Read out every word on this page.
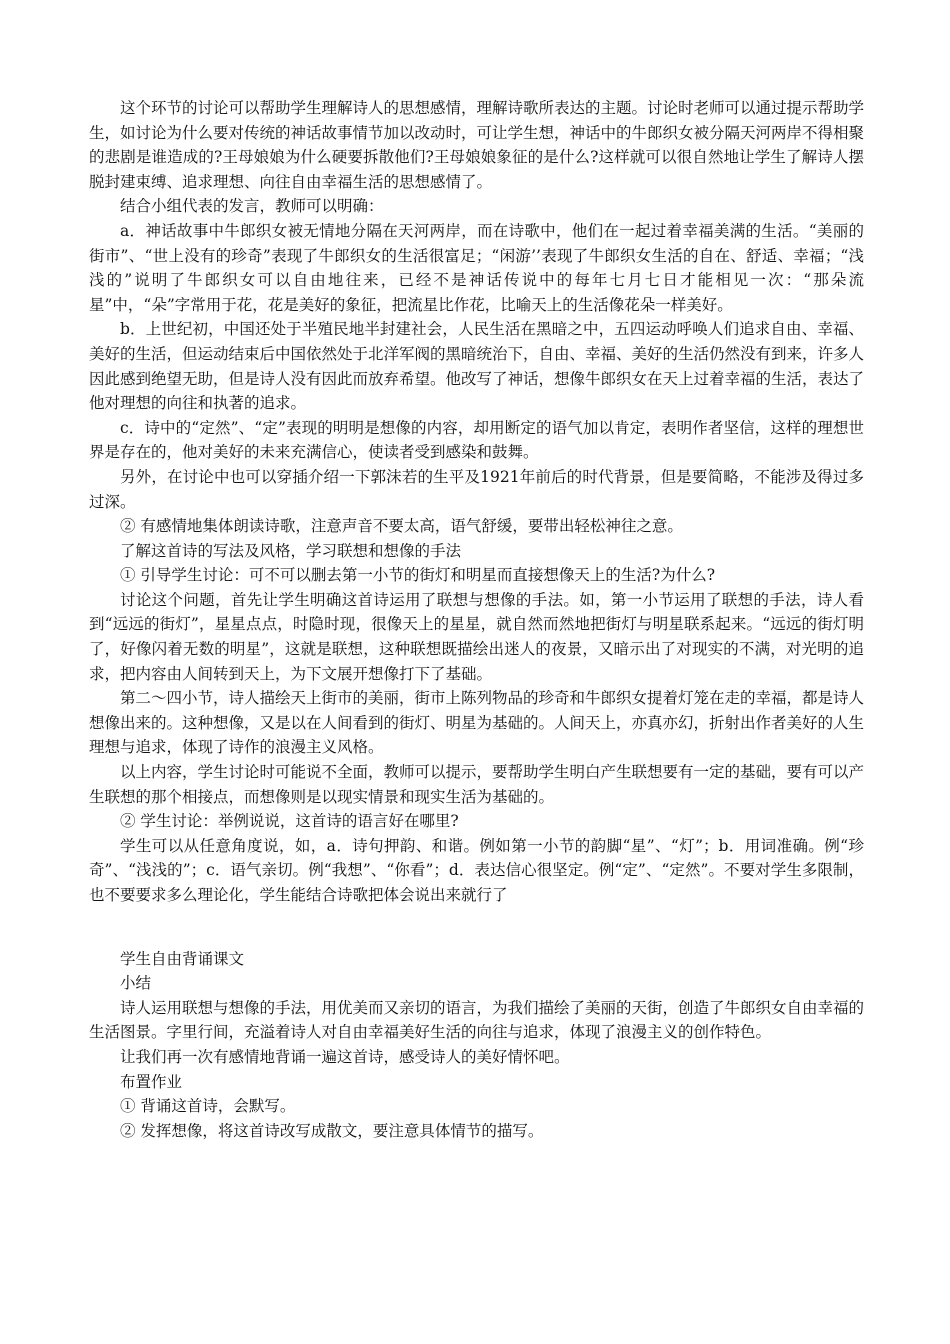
这个环节的讨论可以帮助学生理解诗人的思想感情，理解诗歌所表达的主题。讨论时老师可以通过提示帮助学生，如讨论为什么要对传统的神话故事情节加以改动时，可让学生想，神话中的牛郎织女被分隔天河两岸不得相聚的悲剧是谁造成的?王母娘娘为什么硬要拆散他们?王母娘娘象征的是什么?这样就可以很自然地让学生了解诗人摆脱封建束缚、追求理想、向往自由幸福生活的思想感情了。

结合小组代表的发言，教师可以明确：

a．神话故事中牛郎织女被无情地分隔在天河两岸，而在诗歌中，他们在一起过着幸福美满的生活。“美丽的街市”、“世上没有的珍奇”表现了牛郎织女的生活很富足；“闲游’’表现了牛郎织女生活的自在、舒适、幸福；“浅浅的”说明了牛郎织女可以自由地往来，已经不是神话传说中的每年七月七日才能相见一次：“那朵流星”中，“朵”字常用于花，花是美好的象征，把流星比作花，比喻天上的生活像花朵一样美好。

b．上世纪初，中国还处于半殖民地半封建社会，人民生活在黑暗之中，五四运动呼唤人们追求自由、幸福、美好的生活，但运动结束后中国依然处于北洋军阀的黑暗统治下，自由、幸福、美好的生活仍然没有到来，许多人因此感到绝望无助，但是诗人没有因此而放弃希望。他改写了神话，想像牛郎织女在天上过着幸福的生活，表达了他对理想的向往和执著的追求。

c．诗中的“定然”、“定”表现的明明是想像的内容，却用断定的语气加以肯定，表明作者坚信，这样的理想世界是存在的，他对美好的未来充满信心，使读者受到感染和鼓舞。

另外，在讨论中也可以穿插介绍一下郭沫若的生平及1921年前后的时代背景，但是要简略，不能涉及得过多过深。

② 有感情地集体朗读诗歌，注意声音不要太高，语气舒缓，要带出轻松神往之意。

了解这首诗的写法及风格，学习联想和想像的手法

① 引导学生讨论：可不可以删去第一小节的街灯和明星而直接想像天上的生活?为什么?

讨论这个问题，首先让学生明确这首诗运用了联想与想像的手法。如，第一小节运用了联想的手法，诗人看到“远远的街灯”，星星点点，时隐时现，很像天上的星星，就自然而然地把街灯与明星联系起来。“远远的街灯明了，好像闪着无数的明星”，这就是联想，这种联想既描绘出迷人的夜景，又暗示出了对现实的不满，对光明的追求，把内容由人间转到天上，为下文展开想像打下了基础。

第二～四小节，诗人描绘天上街市的美丽，街市上陈列物品的珍奇和牛郎织女提着灯笼在走的幸福，都是诗人想像出来的。这种想像，又是以在人间看到的街灯、明星为基础的。人间天上，亦真亦幻，折射出作者美好的人生理想与追求，体现了诗作的浪漫主义风格。

以上内容，学生讨论时可能说不全面，教师可以提示，要帮助学生明白产生联想要有一定的基础，要有可以产生联想的那个相接点，而想像则是以现实情景和现实生活为基础的。

② 学生讨论：举例说说，这首诗的语言好在哪里?

学生可以从任意角度说，如，a．诗句押韵、和谐。例如第一小节的韵脚“星”、“灯”；b．用词准确。例“珍奇”、“浅浅的”；c．语气亲切。例“我想”、“你看”；d．表达信心很坚定。例“定”、“定然”。不要对学生多限制，也不要要求多么理论化，学生能结合诗歌把体会说出来就行了

学生自由背诵课文

小结

诗人运用联想与想像的手法，用优美而又亲切的语言，为我们描绘了美丽的天街，创造了牛郎织女自由幸福的生活图景。字里行间，充溢着诗人对自由幸福美好生活的向往与追求，体现了浪漫主义的创作特色。

让我们再一次有感情地背诵一遍这首诗，感受诗人的美好情怀吧。

布置作业

① 背诵这首诗，会默写。

② 发挥想像，将这首诗改写成散文，要注意具体情节的描写。
